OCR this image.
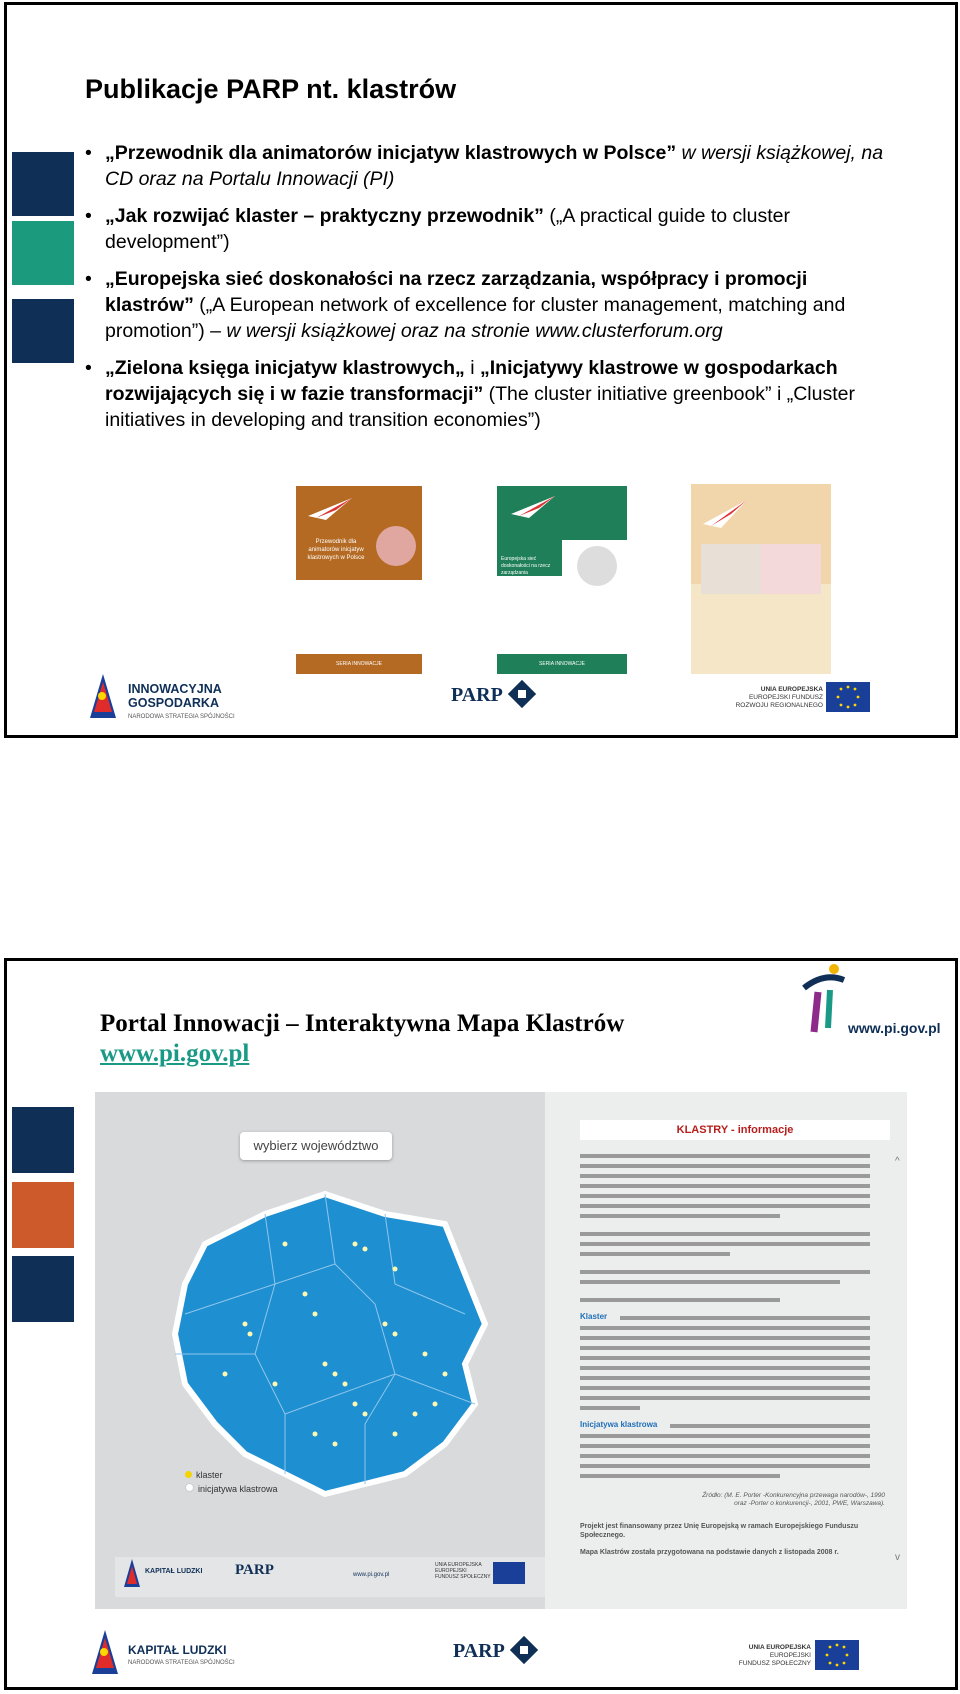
Publikacje PARP nt. klastrów
• „Przewodnik dla animatorów inicjatyw klastrowych w Polsce” w wersji książkowej, na CD oraz na Portalu Innowacji (PI)
• „Jak rozwijać klaster – praktyczny przewodnik” („A practical guide to cluster development”)
• „Europejska sieć doskonałości na rzecz zarządzania, współpracy i promocji klastrów” („A European network of excellence for cluster management, matching and promotion”) – w wersji książkowej oraz na stronie www.clusterforum.org
• „Zielona księga inicjatyw klastrowych„ i „Inicjatywy klastrowe w gospodarkach rozwijających się i w fazie transformacji” (The cluster initiative greenbook” i „Cluster initiatives in developing and transition economies”)
Przewodnik dla animatorów inicjatyw klastrowych w Polsce
SERIA INNOWACJE
Europejska sieć doskonałości na rzecz zarządzania
SERIA INNOWACJE
INNOWACYJNA
GOSPODARKA
NARODOWA STRATEGIA SPÓJNOŚCI
PARP	UNIA EUROPEJSKA
EUROPEJSKI FUNDUSZ
ROZWOJU REGIONALNEGO
Portal Innowacji – Interaktywna Mapa Klastrów
www.pi.gov.pl
www.pi.gov.pl
wybierz województwo
klaster
inicjatywa klastrowa
KLASTRY - informacje
Klaster
Inicjatywa klastrowa
Źródło: (M. E. Porter -Konkurencyjna przewaga narodów-, 1990 oraz -Porter o konkurencji-, 2001, PWE, Warszawa).
Projekt jest finansowany przez Unię Europejską w ramach Europejskiego Funduszu Społecznego.
Mapa Klastrów została przygotowana na podstawie danych z listopada 2008 r.
^
v
KAPITAŁ LUDZKI PARP	www.pi.gov.pl
UNIA EUROPEJSKA EUROPEJSKI FUNDUSZ SPOŁECZNY
KAPITAŁ LUDZKI
NARODOWA STRATEGIA SPÓJNOŚCI
PARP	UNIA EUROPEJSKA
EUROPEJSKI
FUNDUSZ SPOŁECZNY
